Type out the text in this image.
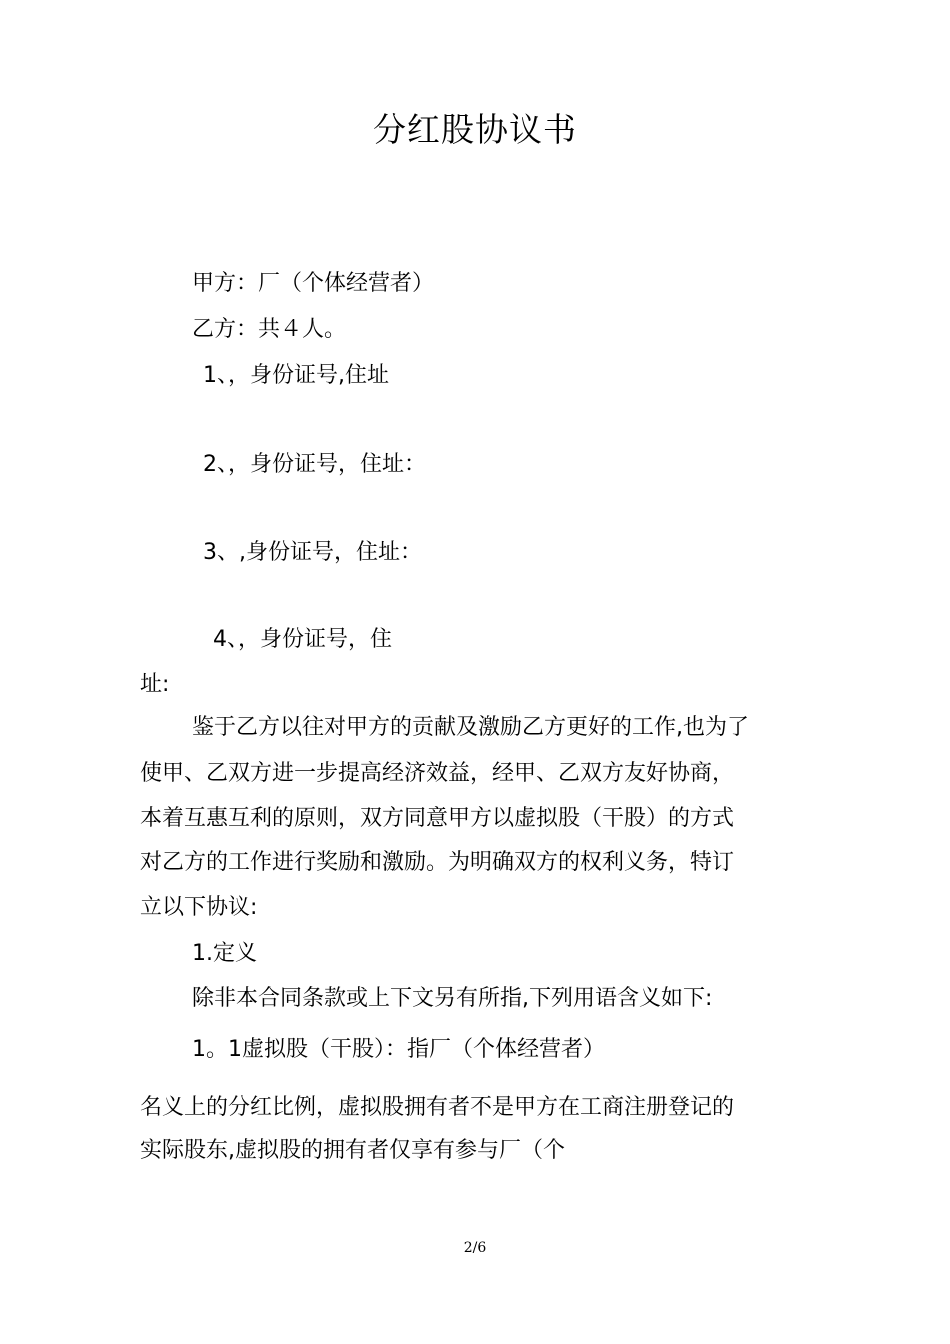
分红股协议书
甲方：厂（个体经营者）
乙方：共４人。
1、，身份证号,住址
2、，身份证号，住址：
3、,身份证号，住址：
4、，身份证号，住
址:
鉴于乙方以往对甲方的贡献及激励乙方更好的工作,也为了
使甲、乙双方进一步提高经济效益，经甲、乙双方友好协商，
本着互惠互利的原则，双方同意甲方以虚拟股（干股）的方式
对乙方的工作进行奖励和激励。为明确双方的权利义务，特订
立以下协议:
1.定义
除非本合同条款或上下文另有所指,下列用语含义如下:
1。1虚拟股（干股）：指厂（个体经营者）
名义上的分红比例，虚拟股拥有者不是甲方在工商注册登记的
实际股东,虚拟股的拥有者仅享有参与厂（个
2/6
